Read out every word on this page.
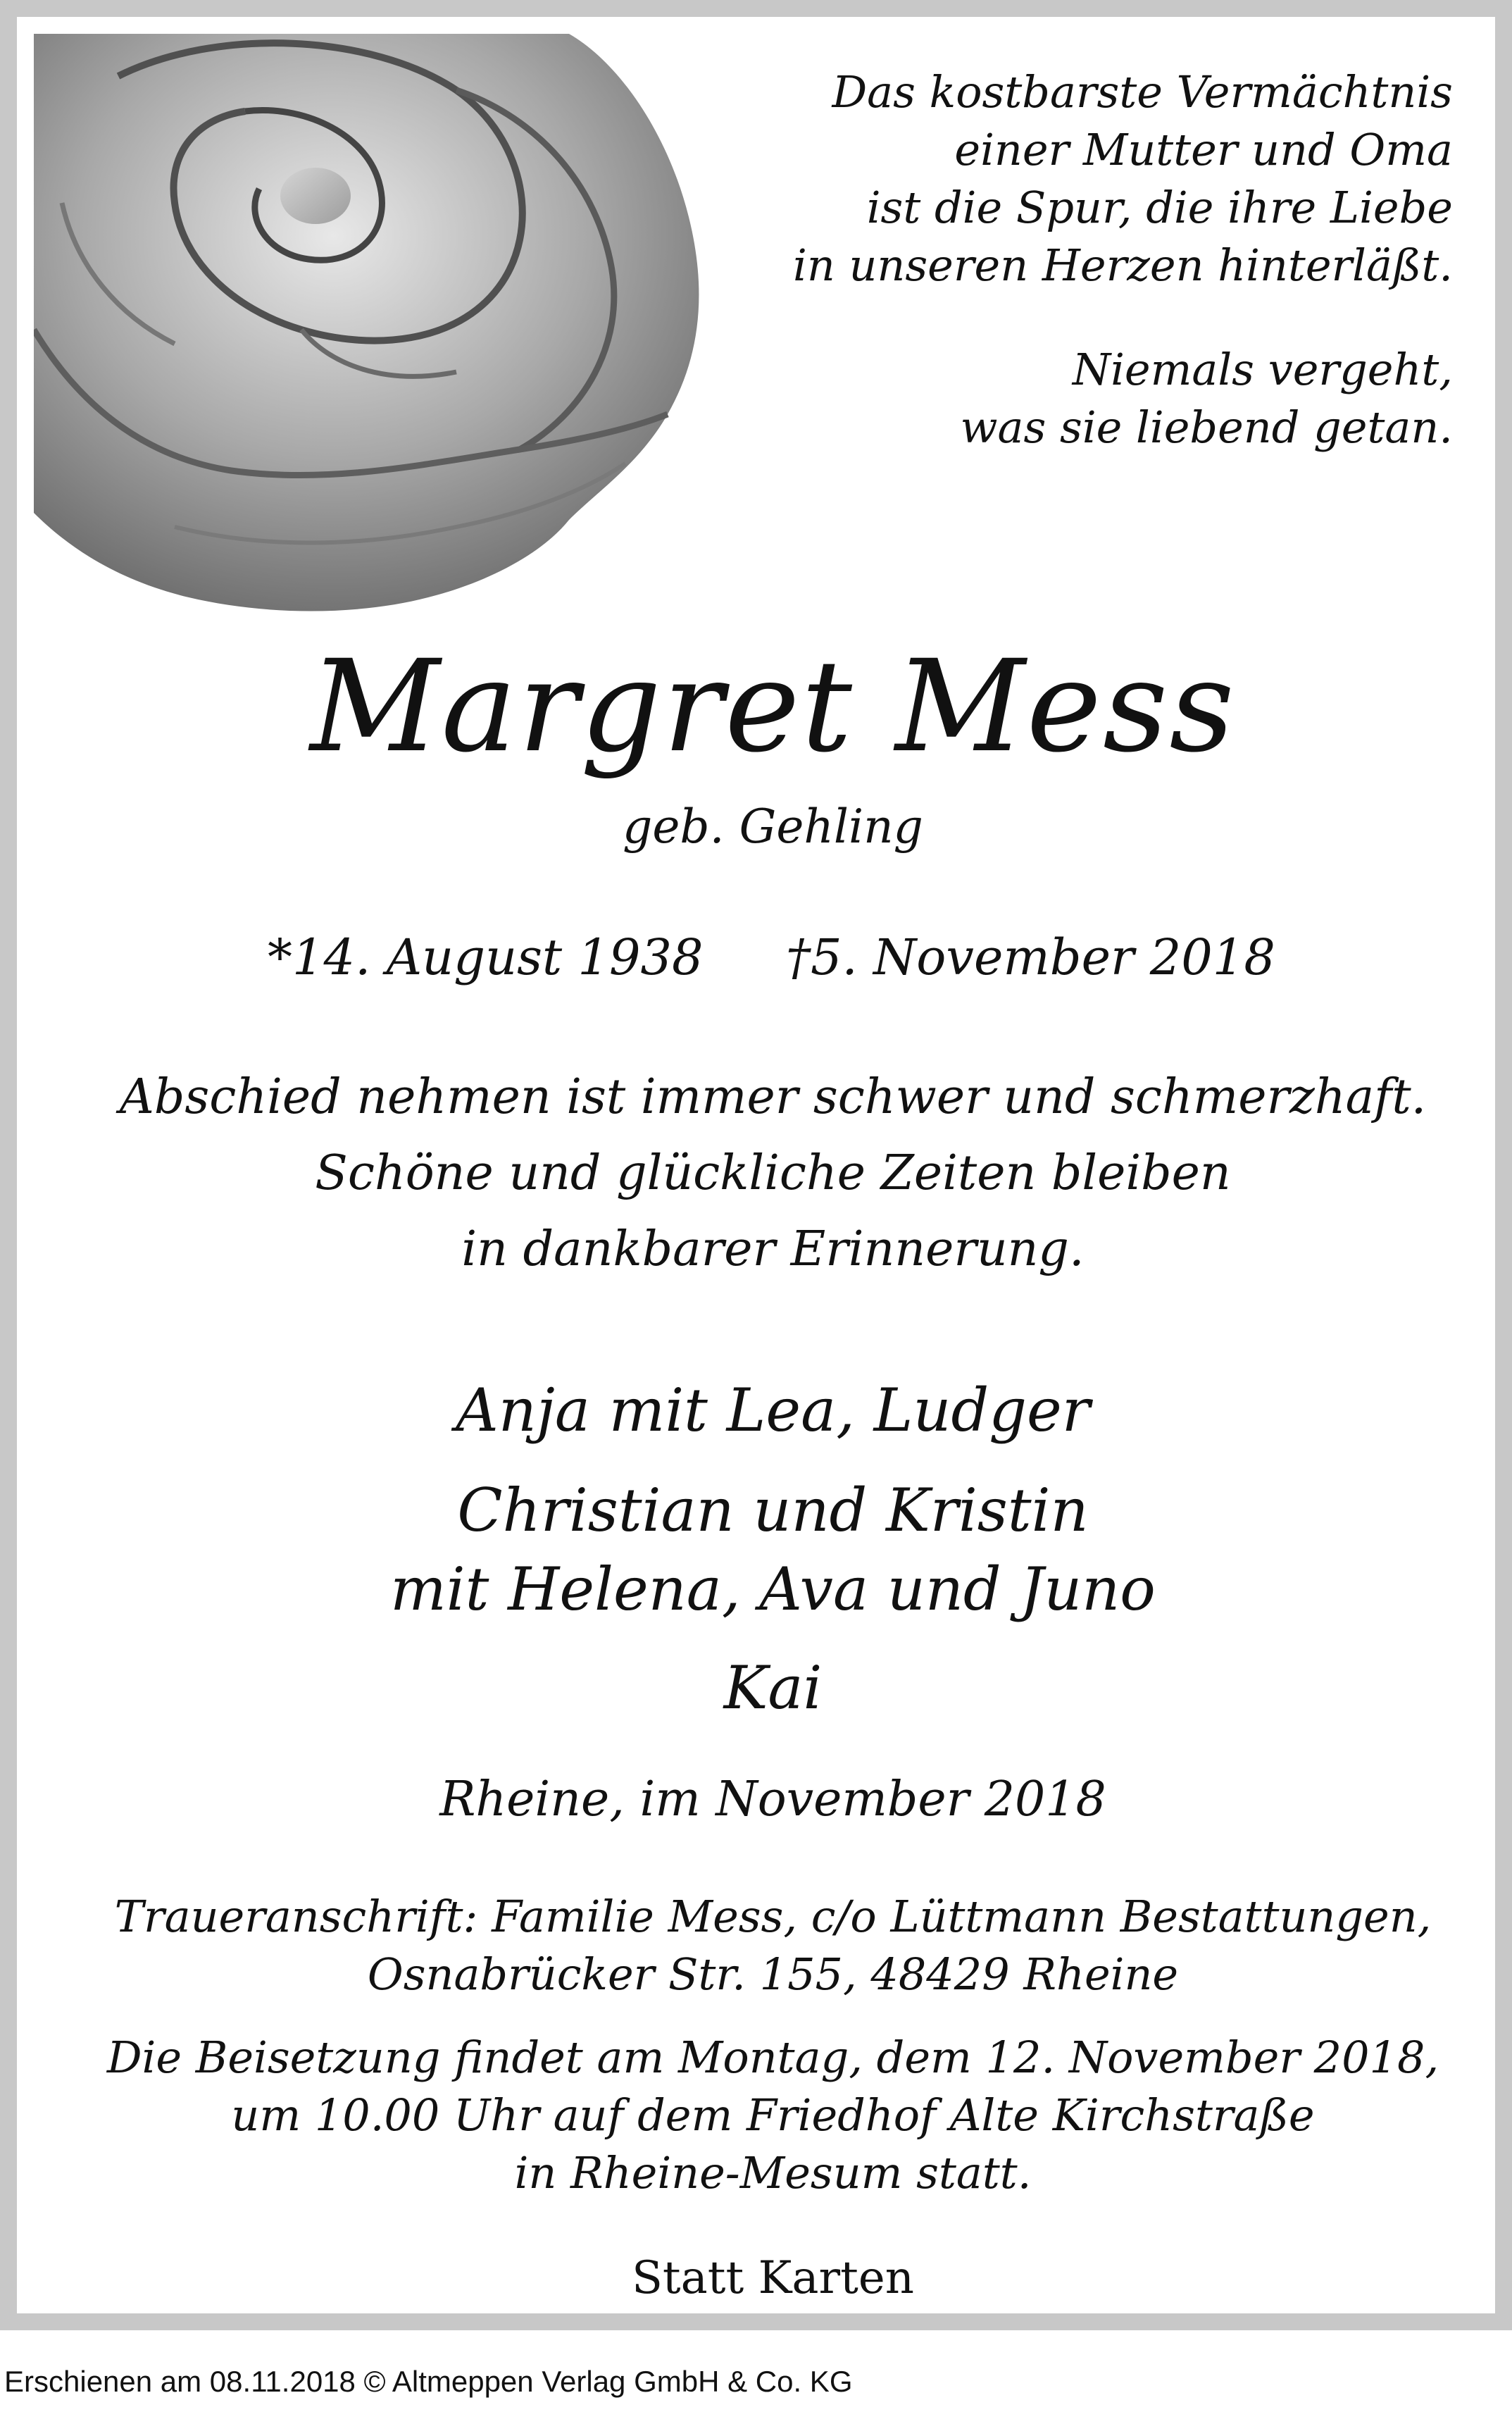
Das kostbarste Vermächtnis
einer Mutter und Oma
ist die Spur, die ihre Liebe
in unseren Herzen hinterläßt.

Niemals vergeht,
was sie liebend getan.

Margret Mess

geb. Gehling

*14. August 1938 †5. November 2018

Abschied nehmen ist immer schwer und schmerzhaft.
Schöne und glückliche Zeiten bleiben
in dankbarer Erinnerung.

Anja mit Lea, Ludger

Christian und Kristin
mit Helena, Ava und Juno

Kai

Rheine, im November 2018

Traueranschrift: Familie Mess, c/o Lüttmann Bestattungen,
Osnabrücker Str. 155, 48429 Rheine

Die Beisetzung findet am Montag, dem 12. November 2018,
um 10.00 Uhr auf dem Friedhof Alte Kirchstraße
in Rheine-Mesum statt.

Statt Karten

Erschienen am 08.11.2018 © Altmeppen Verlag GmbH & Co. KG
